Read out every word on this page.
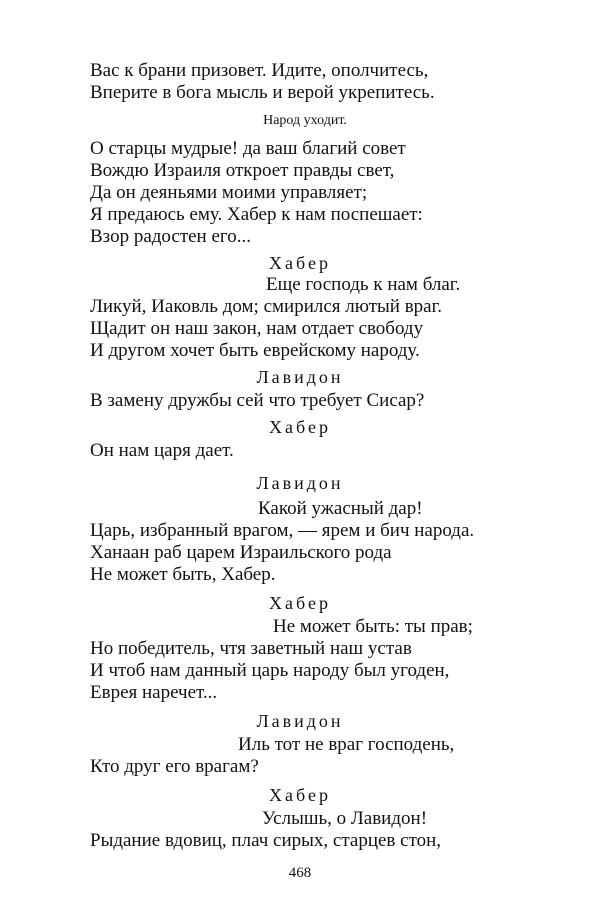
Вас к брани призовет. Идите, ополчитесь,
Вперите в бога мысль и верой укрепитесь.
Народ уходит.
О старцы мудрые! да ваш благий совет
Вождю Израиля откроет правды свет,
Да он деяньями моими управляет;
Я предаюсь ему. Хабер к нам поспешает:
Взор радостен его...
Хабер
Еще господь к нам благ.
Ликуй, Иаковль дом; смирился лютый враг.
Щадит он наш закон, нам отдает свободу
И другом хочет быть еврейскому народу.
Лавидон
В замену дружбы сей что требует Сисар?
Хабер
Он нам царя дает.
Лавидон
Какой ужасный дар!
Царь, избранный врагом, — ярем и бич народа.
Ханаан раб царем Израильского рода
Не может быть, Хабер.
Хабер
Не может быть: ты прав;
Но победитель, чтя заветный наш устав
И чтоб нам данный царь народу был угоден,
Еврея наречет...
Лавидон
Иль тот не враг господень,
Кто друг его врагам?
Хабер
Услышь, о Лавидон!
Рыдание вдовиц, плач сирых, старцев стон,
468
